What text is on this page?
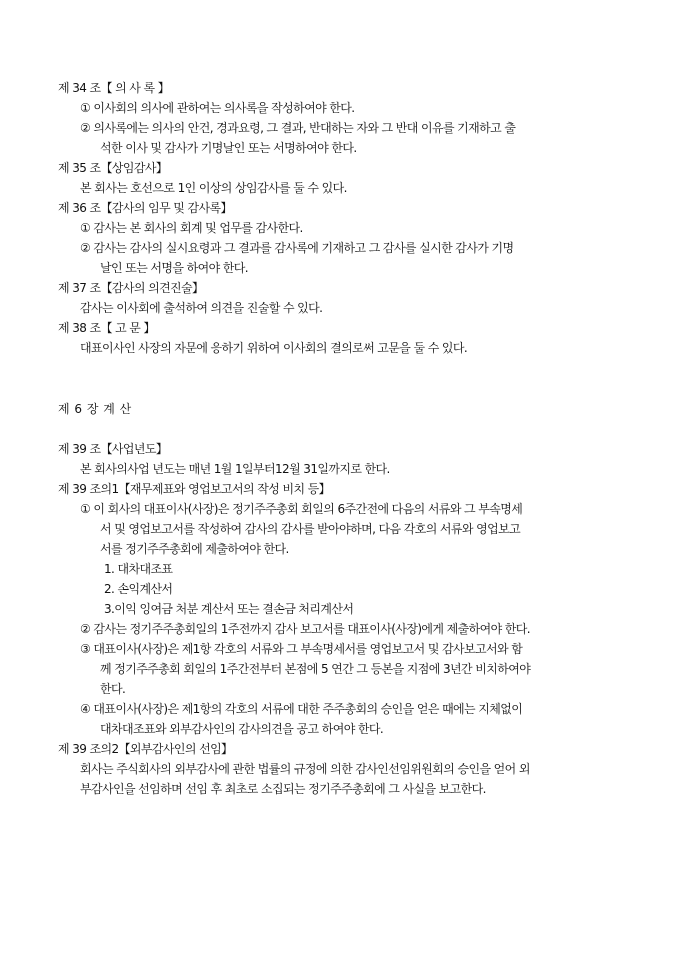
제 34 조【 의 사 록 】
① 이사회의 의사에 관하여는 의사록을 작성하여야 한다.
② 의사록에는 의사의 안건, 경과요령, 그 결과, 반대하는 자와 그 반대 이유를 기재하고 출
석한 이사 및 감사가 기명날인 또는 서명하여야 한다.
제 35 조【상임감사】
본 회사는 호선으로 1인 이상의 상임감사를 둘 수 있다.
제 36 조【감사의 임무 및 감사록】
① 감사는 본 회사의 회계 및 업무를 감사한다.
② 감사는 감사의 실시요령과 그 결과를 감사록에 기재하고 그 감사를 실시한 감사가 기명
날인 또는 서명을 하여야 한다.
제 37 조【감사의 의견진술】
감사는 이사회에 출석하여 의견을 진술할 수 있다.
제 38 조【 고 문 】
대표이사인 사장의 자문에 응하기 위하여 이사회의 결의로써 고문을 둘 수 있다.
제 6 장 계 산
제 39 조【사업년도】
본 회사의사업 년도는 매년 1월 1일부터12월 31일까지로 한다.
제 39 조의1【재무제표와 영업보고서의 작성 비치 등】
① 이 회사의 대표이사(사장)은 정기주주총회 회일의 6주간전에 다음의 서류와 그 부속명세
서 및 영업보고서를 작성하여 감사의 감사를 받아야하며, 다음 각호의 서류와 영업보고
서를 정기주주총회에 제출하여야 한다.
1. 대차대조표
2. 손익계산서
3.이익 잉여금 처분 계산서 또는 결손금 처리계산서
② 감사는 정기주주총회일의 1주전까지 감사 보고서를 대표이사(사장)에게 제출하여야 한다.
③ 대표이사(사장)은 제1항 각호의 서류와 그 부속명세서를 영업보고서 및 감사보고서와 함
께 정기주주총회 회일의 1주간전부터 본점에 5 연간 그 등본을 지점에 3년간 비치하여야
한다.
④ 대표이사(사장)은 제1항의 각호의 서류에 대한 주주총회의 승인을 얻은 때에는 지체없이
대차대조표와 외부감사인의 감사의견을 공고 하여야 한다.
제 39 조의2【외부감사인의 선임】
회사는 주식회사의 외부감사에 관한 법률의 규정에 의한 감사인선임위원회의 승인을 얻어 외
부감사인을 선임하며 선임 후 최초로 소집되는 정기주주총회에 그 사실을 보고한다.
